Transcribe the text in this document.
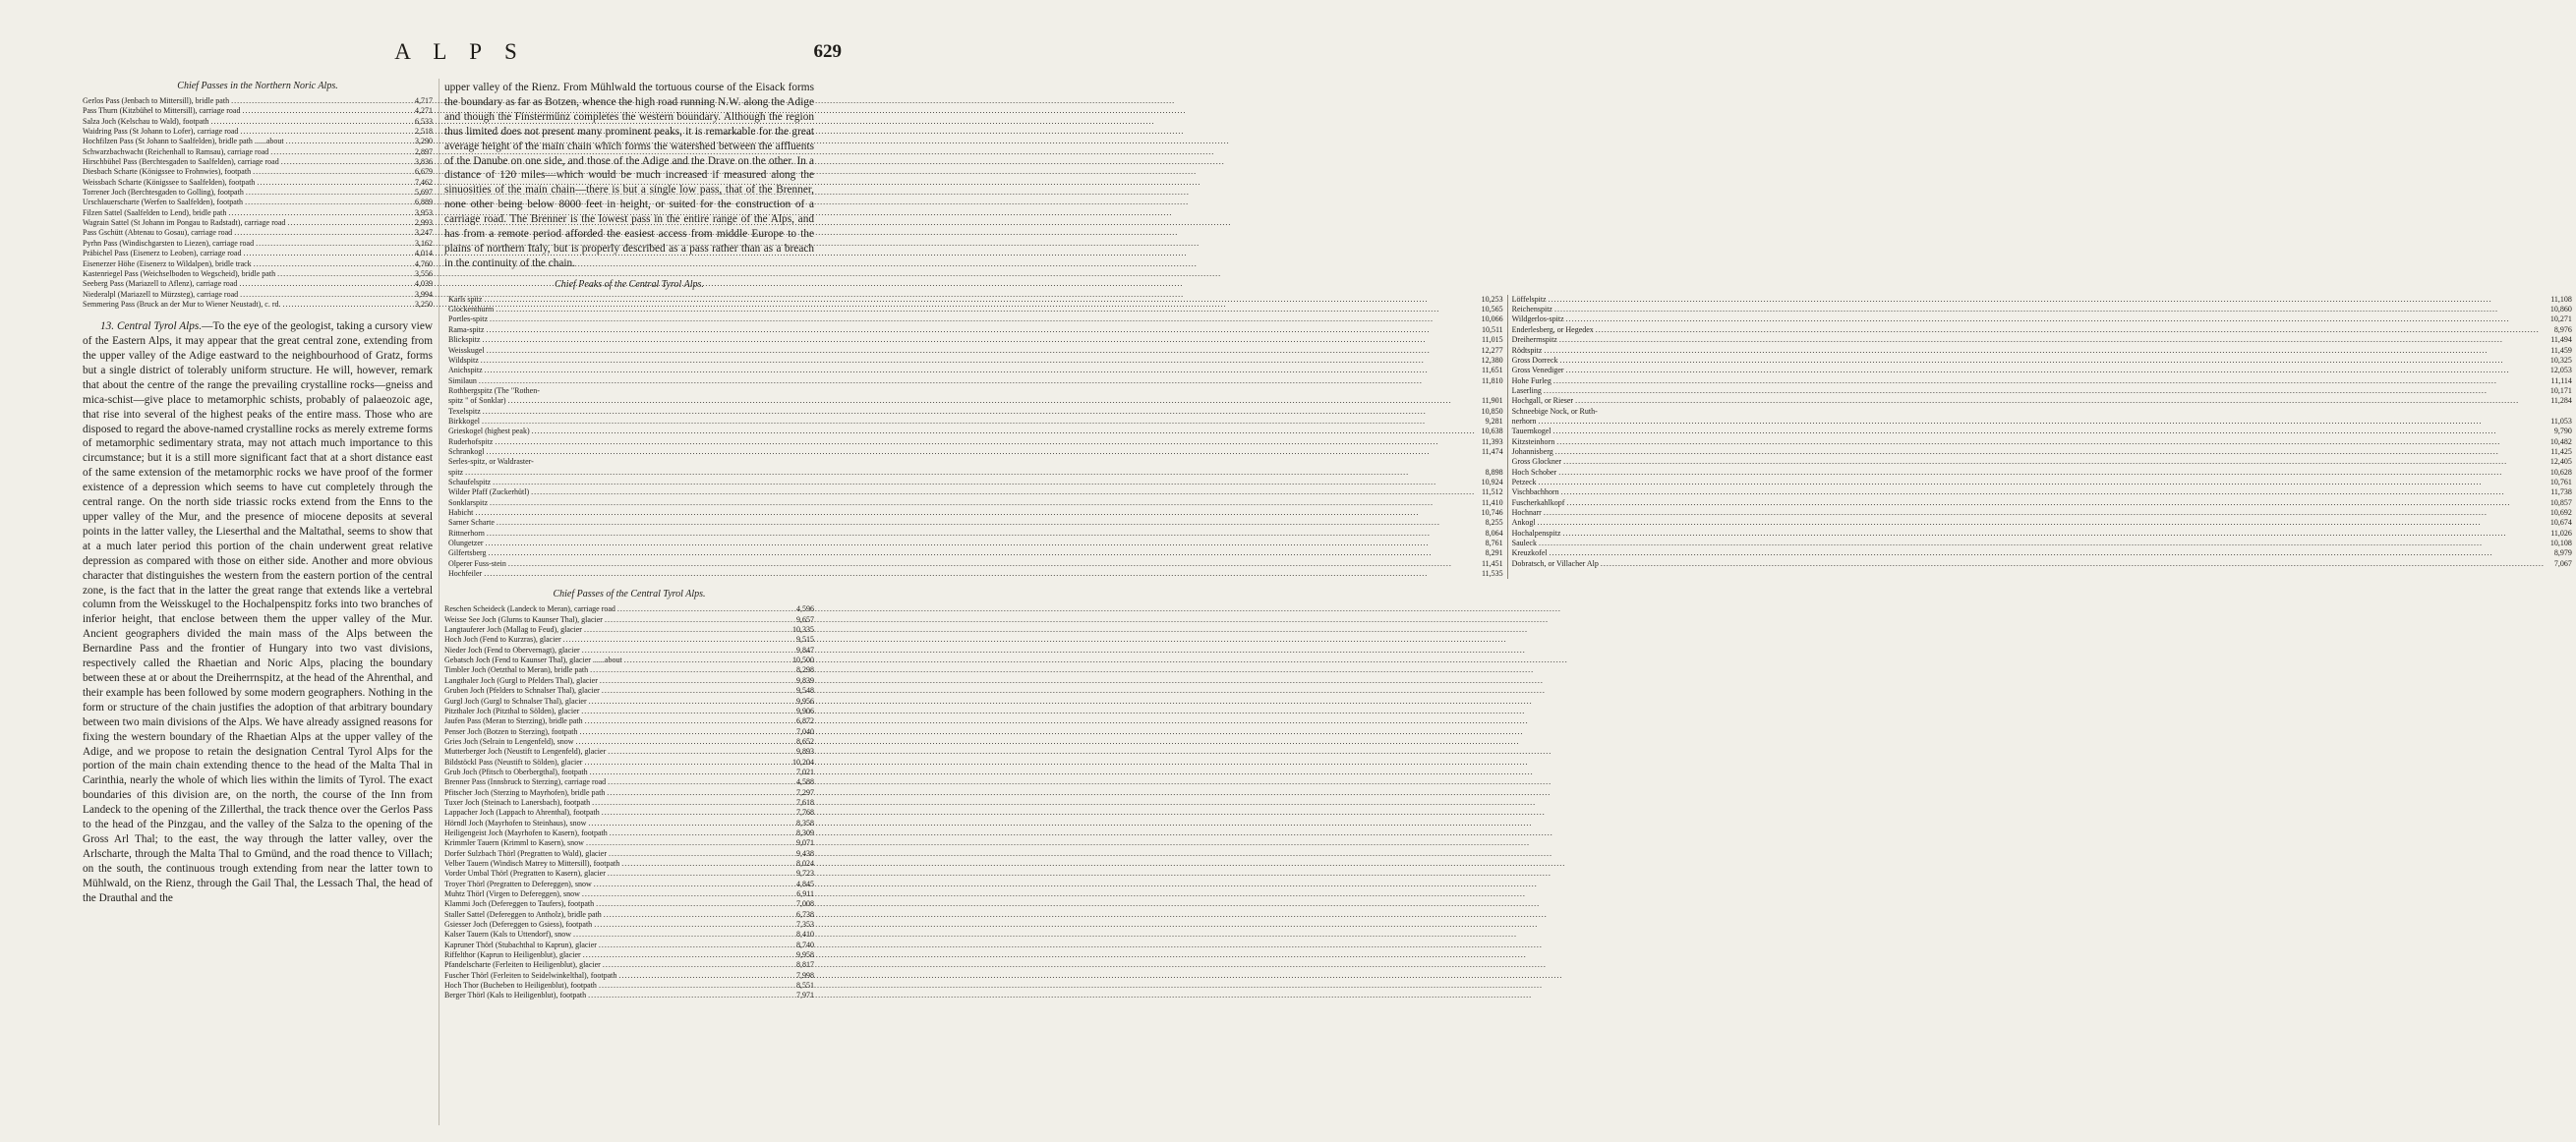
A L P S	629
Chief Passes in the Northern Noric Alps.
Gerlos Pass (Jenbach to Mittersill), bridle path .....	4,717
Pass Thurn (Kitzbühel to Mittersill), carriage road .....	4,271
Salza Joch (Kelschau to Wald), footpath .....	6,533
Waidring Pass (St Johann to Lofer), carriage road .....	2,518
Hochfilzen Pass (St Johann to Saalfelden), bridle path ......about .....	3,290
Schwarzbachwacht (Reichenhall to Ramsau), carriage road .....	2,897
Hirschbühel Pass (Berchtesgaden to Saalfelden), carriage road .....	3,836
Diesbach Scharte (Königssee to Frohnwies), footpath .....	6,679
Weissbach Scharte (Königssee to Saalfelden), footpath .....	7,462
Torrener Joch (Berchtesgaden to Golling), footpath .....	5,697
Urschlauerscharte (Werfen to Saalfelden), footpath .....	6,889
Filzen Sattel (Saalfelden to Lend), bridle path .....	3,953
Wagrain Sattel (St Johann im Pongau to Radstadt), carriage road .....	2,993
Pass Gschütt (Abtenau to Gosau), carriage road .....	3,247
Pyrhn Pass (Windischgarsten to Liezen), carriage road .....	3,162
Präbichel Pass (Eisenerz to Leoben), carriage road .....	4,014
Eisenerzer Höhe (Eisenerz to Wildalpen), bridle track .....	4,760
Kastenriegel Pass (Weichselboden to Wegscheid), bridle path .....	3,556
Seeberg Pass (Mariazell to Aflenz), carriage road .....	4,039
Niederalpl (Mariazell to Mürzsteg), carriage road .....	3,994
Semmering Pass (Bruck an der Mur to Wiener Neustadt), c. rd. .....	3,250

13. Central Tyrol Alps.—To the eye of the geologist, taking a cursory view of the Eastern Alps, it may appear that the great central zone, extending from the upper valley of the Adige eastward to the neighbourhood of Gratz, forms but a single district of tolerably uniform structure. He will, however, remark that about the centre of the range the prevailing crystalline rocks—gneiss and mica-schist—give place to metamorphic schists, probably of palaeozoic age, that rise into several of the highest peaks of the entire mass. Those who are disposed to regard the above-named crystalline rocks as merely extreme forms of metamorphic sedimentary strata, may not attach much importance to this circumstance; but it is a still more significant fact that at a short distance east of the same extension of the metamorphic rocks we have proof of the former existence of a depression which seems to have cut completely through the central range. On the north side triassic rocks extend from the Enns to the upper valley of the Mur, and the presence of miocene deposits at several points in the latter valley, the Lieserthal and the Maltathal, seems to show that at a much later period this portion of the chain underwent great relative depression as compared with those on either side. Another and more obvious character that distinguishes the western from the eastern portion of the central zone, is the fact that in the latter the great range that extends like a vertebral column from the Weisskugel to the Hochalpenspitz forks into two branches of inferior height, that enclose between them the upper valley of the Mur. Ancient geographers divided the main mass of the Alps between the Bernardine Pass and the frontier of Hungary into two vast divisions, respectively called the Rhaetian and Noric Alps, placing the boundary between these at or about the Dreiherrnspitz, at the head of the Ahrenthal, and their example has been followed by some modern geographers. Nothing in the form or structure of the chain justifies the adoption of that arbitrary boundary between two main divisions of the Alps. We have already assigned reasons for fixing the western boundary of the Rhaetian Alps at the upper valley of the Adige, and we propose to retain the designation Central Tyrol Alps for the portion of the main chain extending thence to the head of the Malta Thal in Carinthia, nearly the whole of which lies within the limits of Tyrol. The exact boundaries of this division are, on the north, the course of the Inn from Landeck to the opening of the Zillerthal, the track thence over the Gerlos Pass to the head of the Pinzgau, and the valley of the Salza to the opening of the Gross Arl Thal; to the east, the way through the latter valley, over the Arlscharte, through the Malta Thal to Gmünd, and the road thence to Villach; on the south, the continuous trough extending from near the latter town to Mühlwald, on the Rienz, through the Gail Thal, the Lessach Thal, the head of the Drauthal and the

upper valley of the Rienz. From Mühlwald the tortuous course of the Eisack forms the boundary as far as Botzen, whence the high road running N.W. along the Adige and though the Finstermünz completes the western boundary. Although the region thus limited does not present many prominent peaks, it is remarkable for the great average height of the main chain which forms the watershed between the affluents of the Danube on one side, and those of the Adige and the Drave on the other. In a distance of 120 miles—which would be much increased if measured along the sinuosities of the main chain—there is but a single low pass, that of the Brenner, none other being below 8000 feet in height, or suited for the construction of a carriage road. The Brenner is the lowest pass in the entire range of the Alps, and has from a remote period afforded the easiest access from middle Europe to the plains of northern Italy, but is properly described as a pass rather than as a breach in the continuity of the chain.

Chief Peaks of the Central Tyrol Alps.
Karls spitz .....	10,253
Glockenthurm .....	10,565
Portles-spitz .....	10,066
Rama-spitz .....	10,511
Blickspitz .....	11,015
Weisskugel .....	12,277
Wildspitz .....	12,380
Anichspitz .....	11,651
Similaun .....	11,810
Rothbergspitz (The "Rothen-
spitz " of Sonklar) .....	11,901
Texelspitz .....	10,850
Birkkogel .....	9,281
Grieskogel (highest peak) .....	10,638
Ruderhofspitz .....	11,393
Schrankogl .....	11,474
Serles-spitz, or Waldraster-
spitz .....	8,898
Schaufelspitz .....	10,924
Wilder Pfaff (Zuckerhütl) .....	11,512
Sonklarspitz .....	11,410
Habicht .....	10,746
Sarner Scharte .....	8,255
Rittnerhorn .....	8,064
Olungetzer .....	8,761
Gilfertsberg .....	8,291
Olperer Fuss-stein .....	11,451
Hochfeiler .....	11,535
Löffelspitz .....	11,108
Reichenspitz .....	10,860
Wildgerlos-spitz .....	10,271
Enderlesberg, or Hegedex .....	8,976
Dreiherrnspitz .....	11,494
Rödtspitz .....	11,459
Gross Dorreck .....	10,325
Gross Venediger .....	12,053
Hohe Furleg .....	11,114
Laserling .....	10,171
Hochgall, or Rieser .....	11,284
Schneebige Nock, or Ruth-
nerhorn .....	11,053
Tauernkogel .....	9,790
Kitzsteinhorn .....	10,482
Johannisberg .....	11,425
Gross Glockner .....	12,405
Hoch Schober .....	10,628
Petzeck .....	10,761
Vischbachhorn .....	11,738
Fuscherkahlkopf .....	10,857
Hochnarr .....	10,692
Ankogl .....	10,674
Hochalpenspitz .....	11,026
Sauleck .....	10,108
Kreuzkofel .....	8,979
Dobratsch, or Villacher Alp .....	7,067
Chief Passes of the Central Tyrol Alps.
Reschen Scheideck (Landeck to Meran), carriage road .....	4,596
Weisse See Joch (Glurns to Kaunser Thal), glacier .....	9,657
Langtauferer Joch (Mallag to Feud), glacier .....	10,335
Hoch Joch (Fend to Kurzras), glacier .....	9,515
Nieder Joch (Fend to Obervernagt), glacier .....	9,847
Gebatsch Joch (Fend to Kaunser Thal), glacier ......about .....	10,500
Timbler Joch (Oetzthal to Meran), bridle path .....	8,298
Langthaler Joch (Gurgl to Pfelders Thal), glacier .....	9,839
Gruben Joch (Pfelders to Schnalser Thal), glacier .....	9,548
Gurgl Joch (Gurgl to Schnalser Thal), glacier .....	9,956
Pitzthaler Joch (Pitzthal to Sölden), glacier .....	9,906
Jaufen Pass (Meran to Sterzing), bridle path .....	6,872
Penser Joch (Botzen to Sterzing), footpath .....	7,040
Gries Joch (Selrain to Lengenfeld), snow .....	8,652
Mutterberger Joch (Neustift to Lengenfeld), glacier .....	9,893
Bildstöckl Pass (Neustift to Sölden), glacier .....	10,204
Grub Joch (Pfitsch to Oberbergthal), footpath .....	7,021
Brenner Pass (Innsbruck to Sterzing), carriage road .....	4,588
Pfitscher Joch (Sterzing to Mayrhofen), bridle path .....	7,297
Tuxer Joch (Steinach to Lanersbach), footpath .....	7,618
Lappacher Joch (Lappach to Ahrenthal), footpath .....	7,768
Hörndl Joch (Mayrhofen to Steinhaus), snow .....	8,358
Heiligengeist Joch (Mayrhofen to Kasern), footpath .....	8,309
Krimmler Tauern (Krimml to Kasern), snow .....	9,071
Dorfer Sulzbach Thörl (Pregratten to Wald), glacier .....	9,438
Velber Tauern (Windisch Matrey to Mittersill), footpath .....	8,024
Vorder Umbal Thörl (Pregratten to Kasern), glacier .....	9,723
Troyer Thörl (Pregratten to Defereggen), snow .....	4,845
Muhtz Thörl (Virgen to Defereggen), snow .....	6,911
Klammi Joch (Defereggen to Taufers), footpath .....	7,008
Staller Sattel (Defereggen to Antholz), bridle path .....	6,738
Gsiesser Joch (Defereggen to Gsiess), footpath .....	7,353
Kalser Tauern (Kals to Uttendorf), snow .....	8,410
Kapruner Thörl (Stubachthal to Kaprun), glacier .....	8,740
Riffelthor (Kaprun to Heiligenblut), glacier .....	9,958
Pfandelscharte (Ferleiten to Heiligenblut), glacier .....	8,817
Fuscher Thörl (Ferleiten to Seidelwinkelthal), footpath .....	7,998
Hoch Thor (Bucheben to Heiligenblut), footpath .....	8,551
Berger Thörl (Kals to Heiligenblut), footpath .....	7,971
